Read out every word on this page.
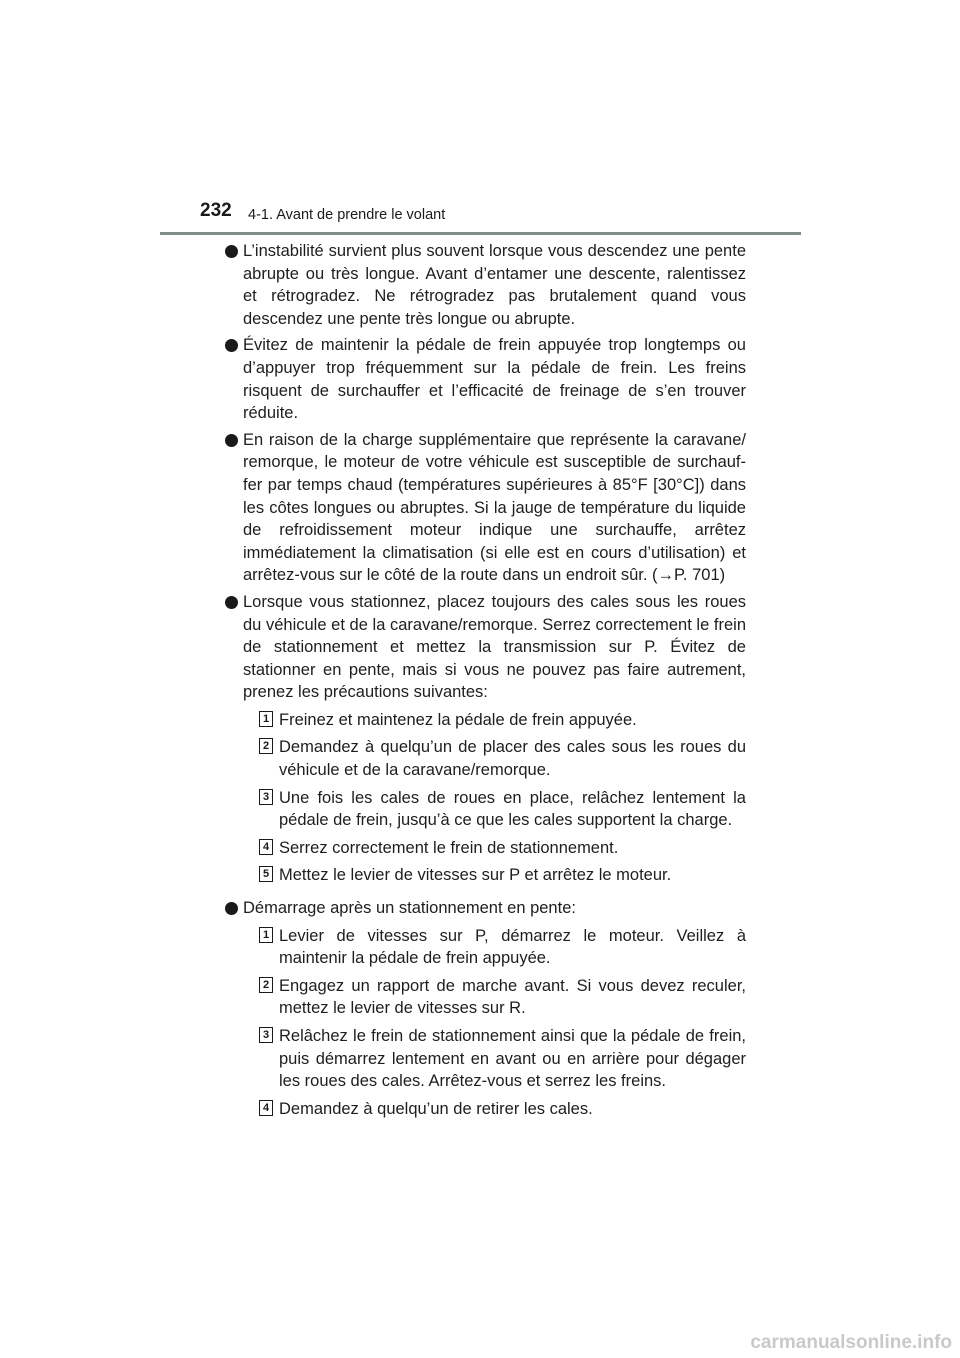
232 4-1. Avant de prendre le volant

L’instabilité survient plus souvent lorsque vous descendez une pente abrupte ou très longue. Avant d’entamer une descente, ralentissez et rétrogradez. Ne rétrogradez pas brutalement quand vous descendez une pente très longue ou abrupte.

Évitez de maintenir la pédale de frein appuyée trop longtemps ou d’appuyer trop fréquemment sur la pédale de frein. Les freins risquent de surchauffer et l’efficacité de freinage de s’en trouver réduite.

En raison de la charge supplémentaire que représente la caravane/ remorque, le moteur de votre véhicule est susceptible de surchauf- fer par temps chaud (températures supérieures à 85°F [30°C]) dans les côtes longues ou abruptes. Si la jauge de température du liquide de refroidissement moteur indique une surchauffe, arrêtez immédiatement la climatisation (si elle est en cours d’utilisation) et arrêtez-vous sur le côté de la route dans un endroit sûr. (→P. 701)

Lorsque vous stationnez, placez toujours des cales sous les roues du véhicule et de la caravane/remorque. Serrez correctement le frein de stationnement et mettez la transmission sur P. Évitez de stationner en pente, mais si vous ne pouvez pas faire autrement, prenez les précautions suivantes:

1 Freinez et maintenez la pédale de frein appuyée.

2 Demandez à quelqu’un de placer des cales sous les roues du véhicule et de la caravane/remorque.

3 Une fois les cales de roues en place, relâchez lentement la pédale de frein, jusqu’à ce que les cales supportent la charge.

4 Serrez correctement le frein de stationnement.

5 Mettez le levier de vitesses sur P et arrêtez le moteur.

Démarrage après un stationnement en pente:

1 Levier de vitesses sur P, démarrez le moteur. Veillez à maintenir la pédale de frein appuyée.

2 Engagez un rapport de marche avant. Si vous devez reculer, mettez le levier de vitesses sur R.

3 Relâchez le frein de stationnement ainsi que la pédale de frein, puis démarrez lentement en avant ou en arrière pour dégager les roues des cales. Arrêtez-vous et serrez les freins.

4 Demandez à quelqu’un de retirer les cales.

carmanualsonline.info
